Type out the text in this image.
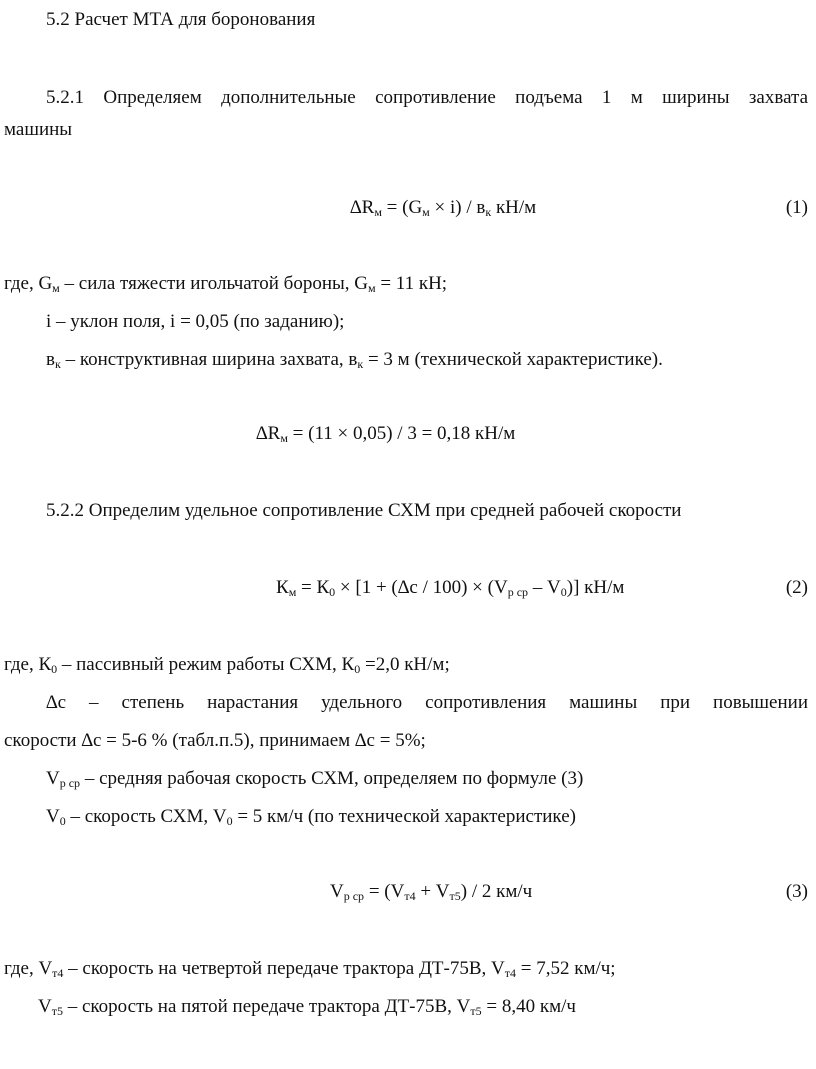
5.2 Расчет МТА для боронования
5.2.1 Определяем дополнительные сопротивление подъема 1 м ширины захвата
машины
$\Delta R_м = (G_м \times i) / в_к$ кН/м	(1)
где, $G_м$ – сила тяжести игольчатой бороны, $G_м = 11$ кН;
i – уклон поля, i = 0,05 (по заданию);
$в_к$ – конструктивная ширина захвата, $в_к = 3$ м (технической характеристике).
$\Delta R_м = (11 \times 0,05) / 3 = 0,18$ кН/м
5.2.2 Определим удельное сопротивление СХМ при средней рабочей скорости
$К_м = К_0 \times [1 + (\Delta с / 100) \times (V_{р ср} - V_0)]$ кН/м	(2)
где, $К_0$ – пассивный режим работы СХМ, $К_0 =2,0$ кН/м;
∆с – степень нарастания удельного сопротивления машины при повышении
скорости ∆с = 5-6 % (табл.п.5), принимаем ∆с = 5%;
$V_{р ср}$ – средняя рабочая скорость СХМ, определяем по формуле (3)
$V_0$ – скорость СХМ, $V_0 = 5$ км/ч (по технической характеристике)
$V_{р ср} = (V_{т4} + V_{т5}) / 2$ км/ч	(3)
где, $V_{т4}$ – скорость на четвертой передаче трактора ДТ-75В, $V_{т4} = 7,52$ км/ч;
$V_{т5}$ – скорость на пятой передаче трактора ДТ-75В, $V_{т5} = 8,40$ км/ч
